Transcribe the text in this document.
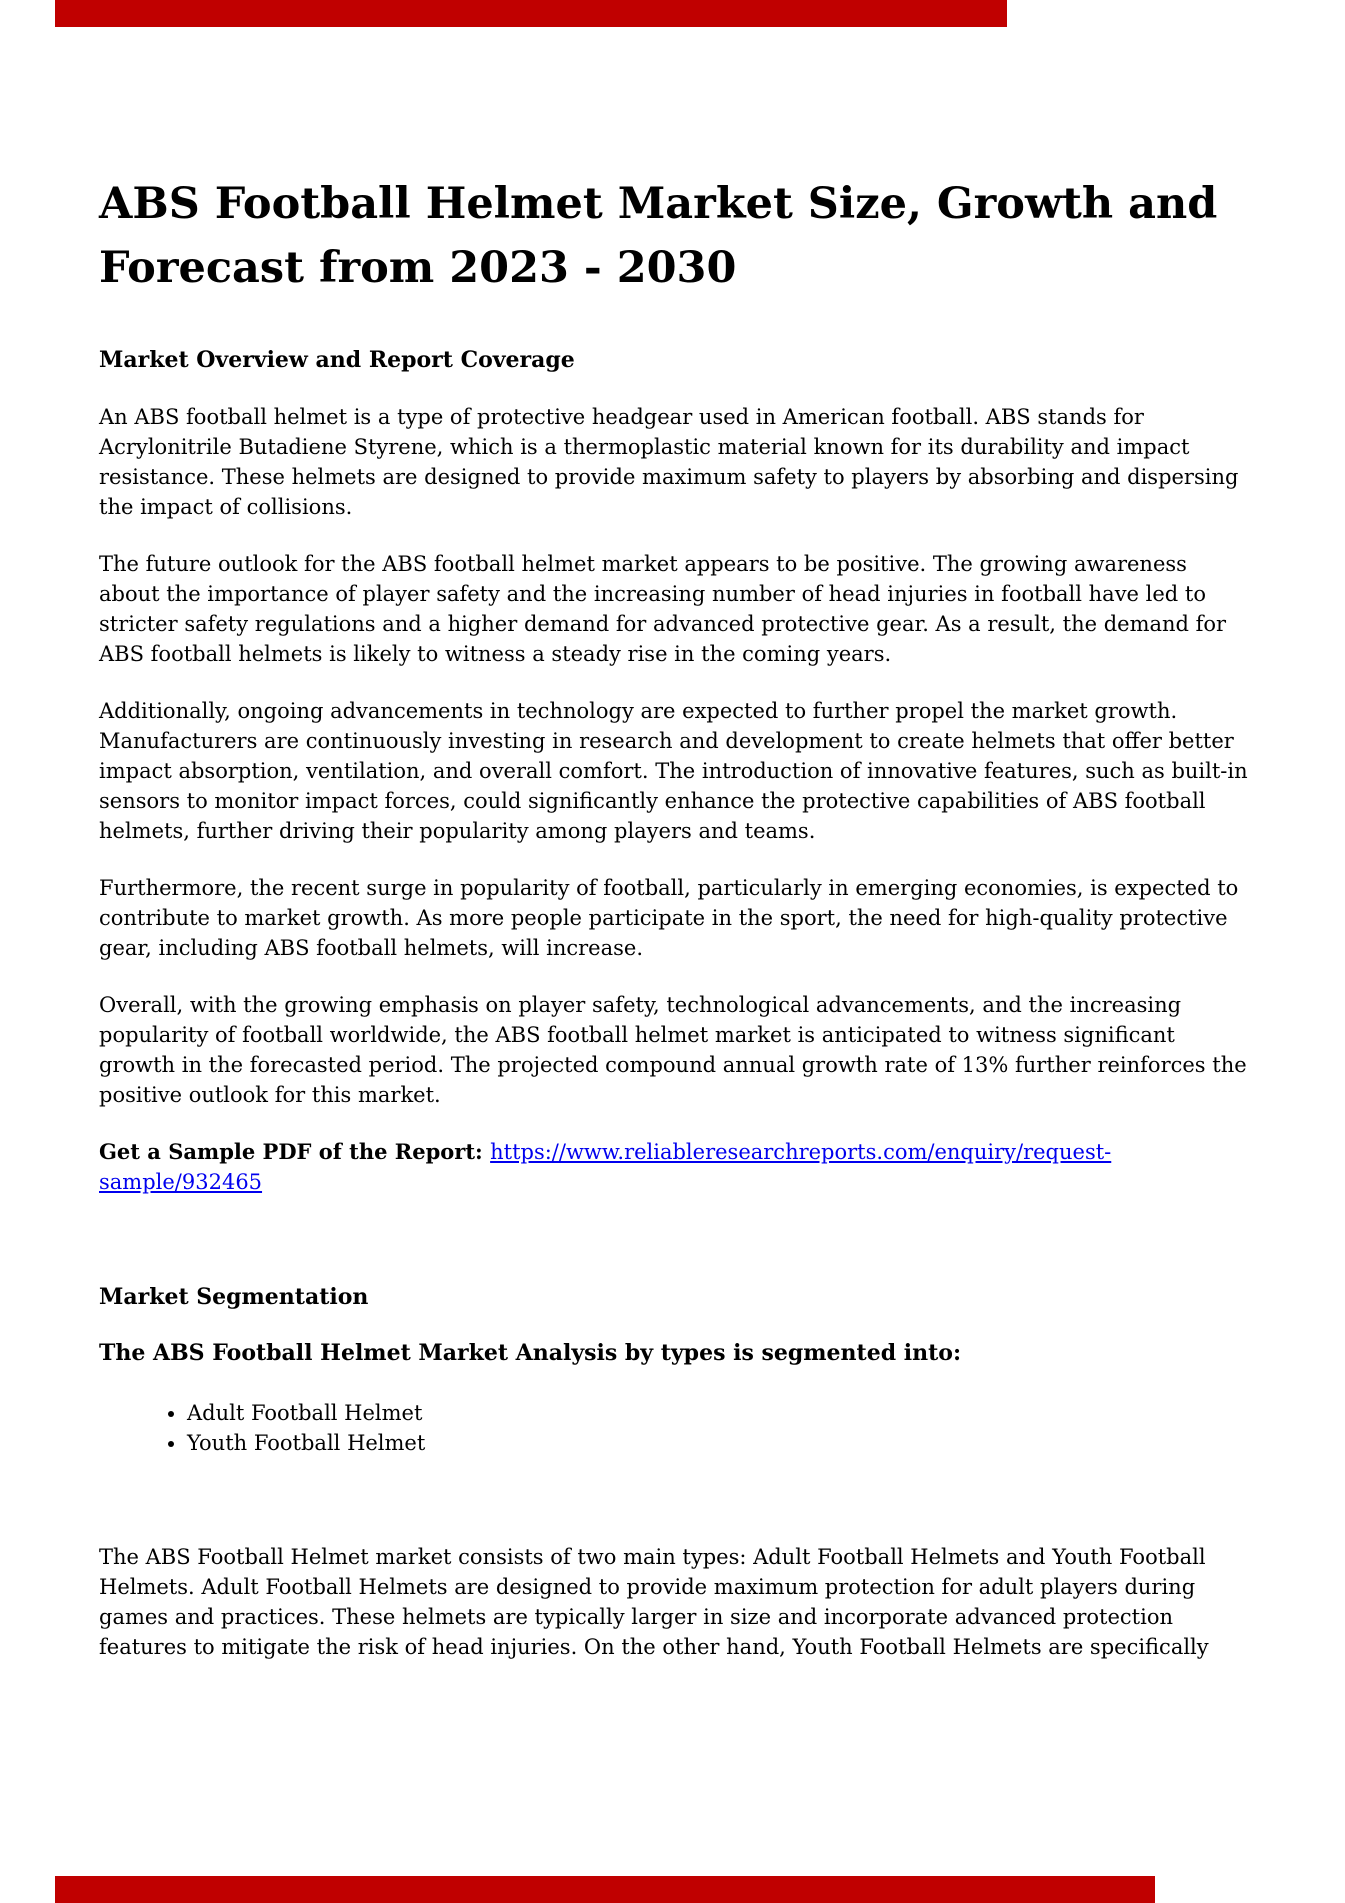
ABS Football Helmet Market Size, Growth and Forecast from 2023 - 2030
Market Overview and Report Coverage

An ABS football helmet is a type of protective headgear used in American football. ABS stands for Acrylonitrile Butadiene Styrene, which is a thermoplastic material known for its durability and impact resistance. These helmets are designed to provide maximum safety to players by absorbing and dispersing the impact of collisions.

The future outlook for the ABS football helmet market appears to be positive. The growing awareness about the importance of player safety and the increasing number of head injuries in football have led to stricter safety regulations and a higher demand for advanced protective gear. As a result, the demand for ABS football helmets is likely to witness a steady rise in the coming years.

Additionally, ongoing advancements in technology are expected to further propel the market growth. Manufacturers are continuously investing in research and development to create helmets that offer better impact absorption, ventilation, and overall comfort. The introduction of innovative features, such as built-in sensors to monitor impact forces, could significantly enhance the protective capabilities of ABS football helmets, further driving their popularity among players and teams.

Furthermore, the recent surge in popularity of football, particularly in emerging economies, is expected to contribute to market growth. As more people participate in the sport, the need for high-quality protective gear, including ABS football helmets, will increase.

Overall, with the growing emphasis on player safety, technological advancements, and the increasing popularity of football worldwide, the ABS football helmet market is anticipated to witness significant growth in the forecasted period. The projected compound annual growth rate of 13% further reinforces the positive outlook for this market.

Get a Sample PDF of the Report: https://www.reliableresearchreports.com/enquiry/request-
sample/932465

Market Segmentation
The ABS Football Helmet Market Analysis by types is segmented into:
• Adult Football Helmet
• Youth Football Helmet

The ABS Football Helmet market consists of two main types: Adult Football Helmets and Youth Football Helmets. Adult Football Helmets are designed to provide maximum protection for adult players during games and practices. These helmets are typically larger in size and incorporate advanced protection features to mitigate the risk of head injuries. On the other hand, Youth Football Helmets are specifically
